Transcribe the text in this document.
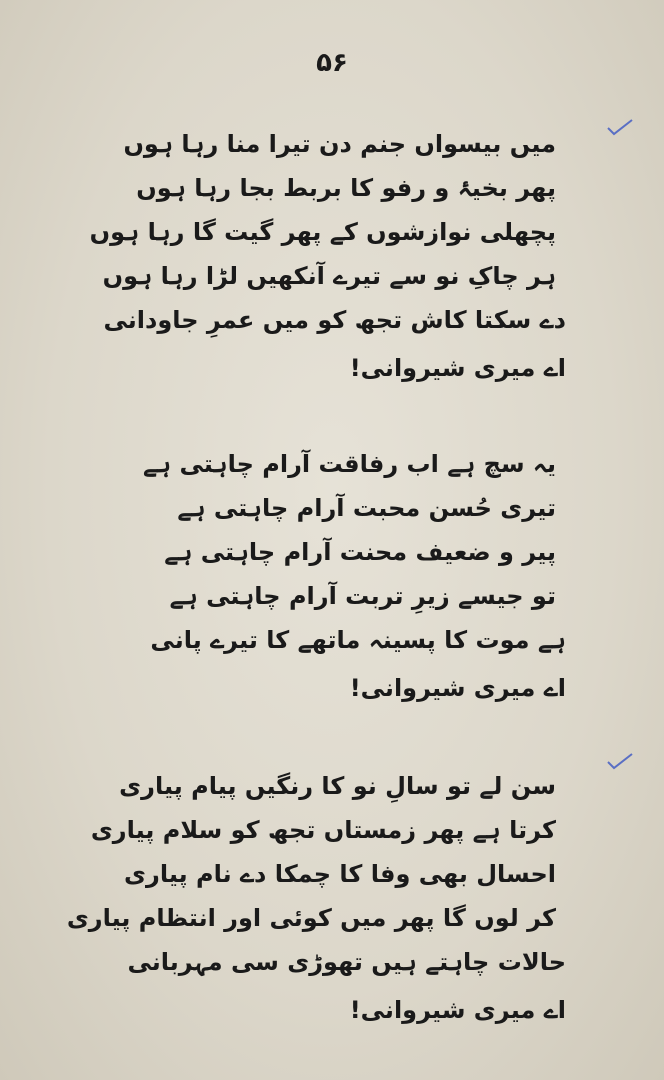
۵۶
میں بیسواں جنم دن تیرا منا رہا ہوں
پھر بخیۂ و رفو کا بربط بجا رہا ہوں
پچھلی نوازشوں کے پھر گیت گا رہا ہوں
ہر چاکِ نو سے تیرے آنکھیں لڑا رہا ہوں
دے سکتا کاش تجھ کو میں عمرِ جاودانی
اے میری شیروانی!
یہ سچ ہے اب رفاقت آرام چاہتی ہے
تیری حُسن محبت آرام چاہتی ہے
پیر و ضعیف محنت آرام چاہتی ہے
تو جیسے زیرِ تربت آرام چاہتی ہے
ہے موت کا پسینہ ماتھے کا تیرے پانی
اے میری شیروانی!
سن لے تو سالِ نو کا رنگیں پیام پیاری
کرتا ہے پھر زمستاں تجھ کو سلام پیاری
احسال بھی وفا کا چمکا دے نام پیاری
کر لوں گا پھر میں کوئی اور انتظام پیاری
حالات چاہتے ہیں تھوڑی سی مہربانی
اے میری شیروانی!
